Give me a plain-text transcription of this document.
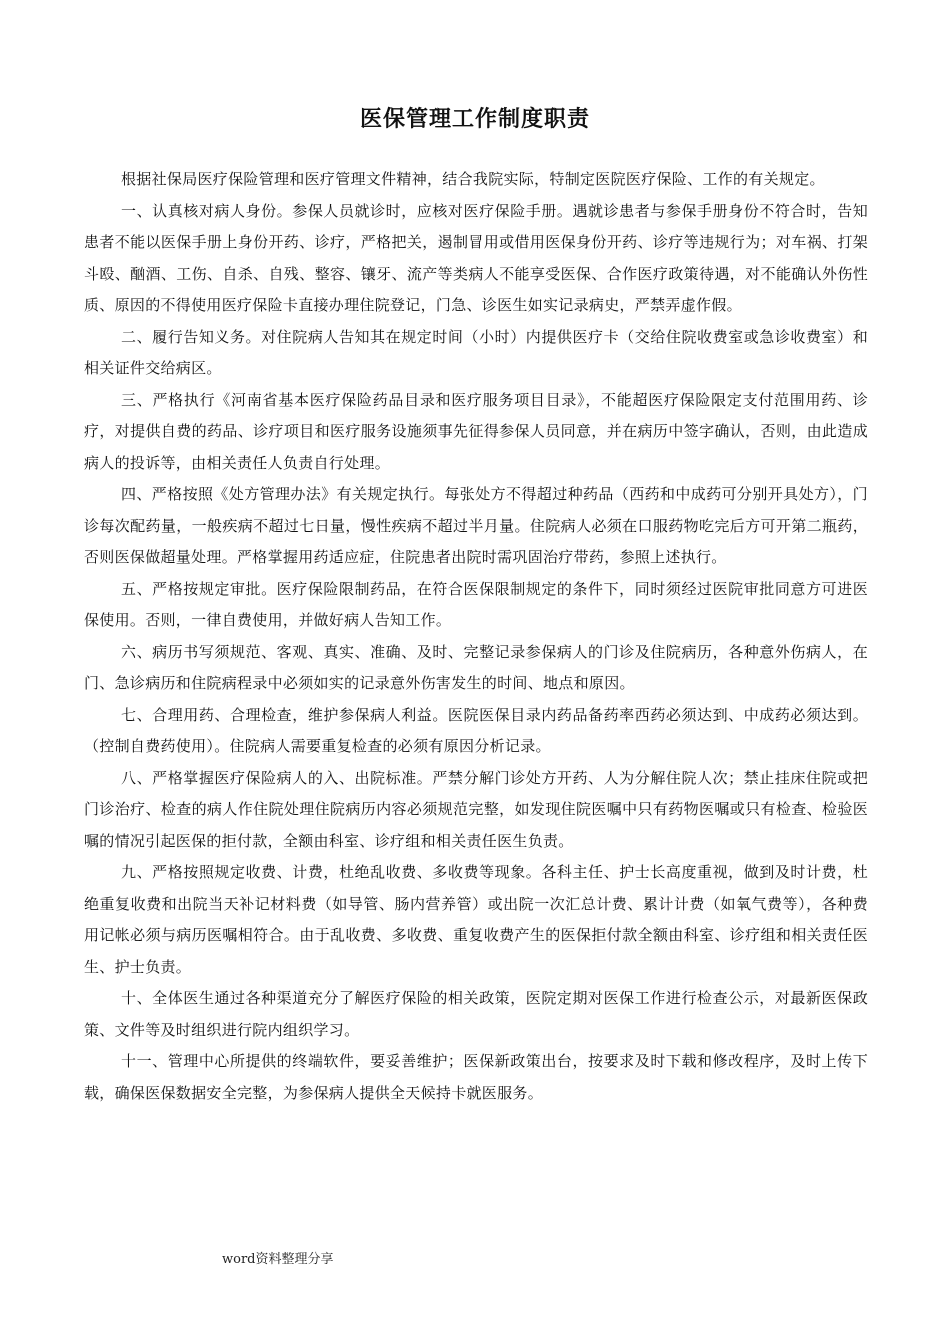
医保管理工作制度职责

根据社保局医疗保险管理和医疗管理文件精神，结合我院实际，特制定医院医疗保险、工作的有关规定。

一、认真核对病人身份。参保人员就诊时，应核对医疗保险手册。遇就诊患者与参保手册身份不符合时，告知患者不能以医保手册上身份开药、诊疗，严格把关，遏制冒用或借用医保身份开药、诊疗等违规行为；对车祸、打架斗殴、酗酒、工伤、自杀、自残、整容、镶牙、流产等类病人不能享受医保、合作医疗政策待遇，对不能确认外伤性质、原因的不得使用医疗保险卡直接办理住院登记，门急、诊医生如实记录病史，严禁弄虚作假。

二、履行告知义务。对住院病人告知其在规定时间（小时）内提供医疗卡（交给住院收费室或急诊收费室）和相关证件交给病区。

三、严格执行《河南省基本医疗保险药品目录和医疗服务项目目录》，不能超医疗保险限定支付范围用药、诊疗，对提供自费的药品、诊疗项目和医疗服务设施须事先征得参保人员同意，并在病历中签字确认，否则，由此造成病人的投诉等，由相关责任人负责自行处理。

四、严格按照《处方管理办法》有关规定执行。每张处方不得超过种药品（西药和中成药可分别开具处方），门诊每次配药量，一般疾病不超过七日量，慢性疾病不超过半月量。住院病人必须在口服药物吃完后方可开第二瓶药，否则医保做超量处理。严格掌握用药适应症，住院患者出院时需巩固治疗带药，参照上述执行。

五、严格按规定审批。医疗保险限制药品，在符合医保限制规定的条件下，同时须经过医院审批同意方可进医保使用。否则，一律自费使用，并做好病人告知工作。

六、病历书写须规范、客观、真实、准确、及时、完整记录参保病人的门诊及住院病历，各种意外伤病人，在门、急诊病历和住院病程录中必须如实的记录意外伤害发生的时间、地点和原因。

七、合理用药、合理检查，维护参保病人利益。医院医保目录内药品备药率西药必须达到、中成药必须达到。（控制自费药使用）。住院病人需要重复检查的必须有原因分析记录。

八、严格掌握医疗保险病人的入、出院标准。严禁分解门诊处方开药、人为分解住院人次；禁止挂床住院或把门诊治疗、检查的病人作住院处理住院病历内容必须规范完整，如发现住院医嘱中只有药物医嘱或只有检查、检验医嘱的情况引起医保的拒付款，全额由科室、诊疗组和相关责任医生负责。

九、严格按照规定收费、计费，杜绝乱收费、多收费等现象。各科主任、护士长高度重视，做到及时计费，杜绝重复收费和出院当天补记材料费（如导管、肠内营养管）或出院一次汇总计费、累计计费（如氧气费等），各种费用记帐必须与病历医嘱相符合。由于乱收费、多收费、重复收费产生的医保拒付款全额由科室、诊疗组和相关责任医生、护士负责。

十、全体医生通过各种渠道充分了解医疗保险的相关政策，医院定期对医保工作进行检查公示，对最新医保政策、文件等及时组织进行院内组织学习。

十一、管理中心所提供的终端软件，要妥善维护；医保新政策出台，按要求及时下载和修改程序，及时上传下载，确保医保数据安全完整，为参保病人提供全天候持卡就医服务。

word资料整理分享
